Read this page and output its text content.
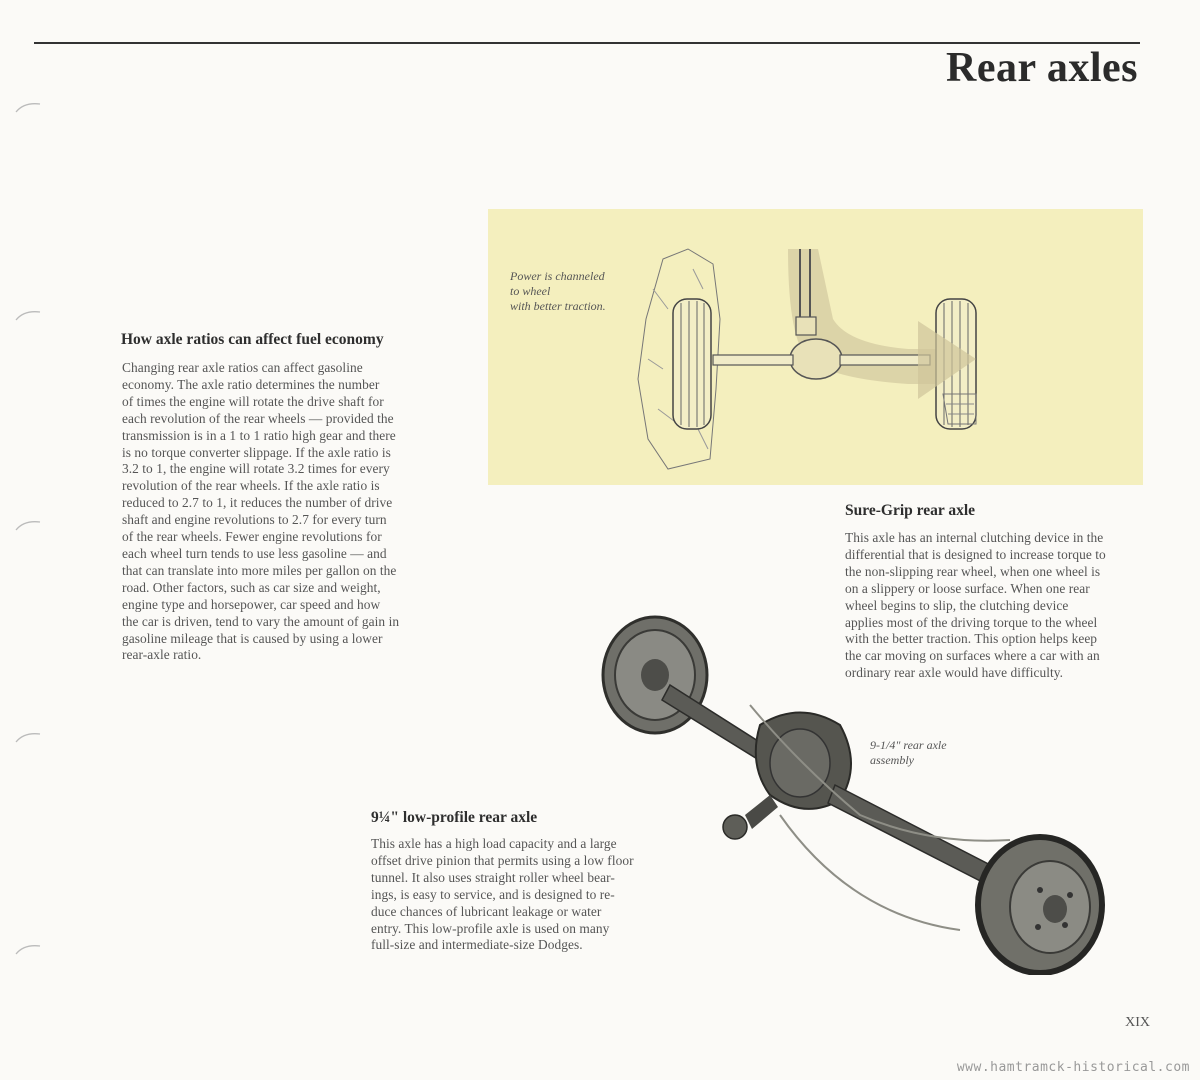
Rear axles
How axle ratios can affect fuel economy

Changing rear axle ratios can affect gasoline

economy. The axle ratio determines the number

of times the engine will rotate the drive shaft for

each revolution of the rear wheels — provided the

transmission is in a 1 to 1 ratio high gear and there

is no torque converter slippage. If the axle ratio is

3.2 to 1, the engine will rotate 3.2 times for every

revolution of the rear wheels. If the axle ratio is

reduced to 2.7 to 1, it reduces the number of drive

shaft and engine revolutions to 2.7 for every turn

of the rear wheels. Fewer engine revolutions for

each wheel turn tends to use less gasoline — and

that can translate into more miles per gallon on the

road. Other factors, such as car size and weight,

engine type and horsepower, car speed and how

the car is driven, tend to vary the amount of gain in

gasoline mileage that is caused by using a lower

rear-axle ratio.

Power is channeled
to wheel
with better traction.
Sure-Grip rear axle

This axle has an internal clutching device in the

differential that is designed to increase torque to

the non-slipping rear wheel, when one wheel is

on a slippery or loose surface. When one rear

wheel begins to slip, the clutching device

applies most of the driving torque to the wheel

with the better traction. This option helps keep

the car moving on surfaces where a car with an

ordinary rear axle would have difficulty.

9-1/4" rear axle
assembly
9¼" low-profile rear axle

This axle has a high load capacity and a large

offset drive pinion that permits using a low floor

tunnel. It also uses straight roller wheel bear-

ings, is easy to service, and is designed to re-

duce chances of lubricant leakage or water

entry. This low-profile axle is used on many

full-size and intermediate-size Dodges.

XIX
www.hamtramck-historical.com
